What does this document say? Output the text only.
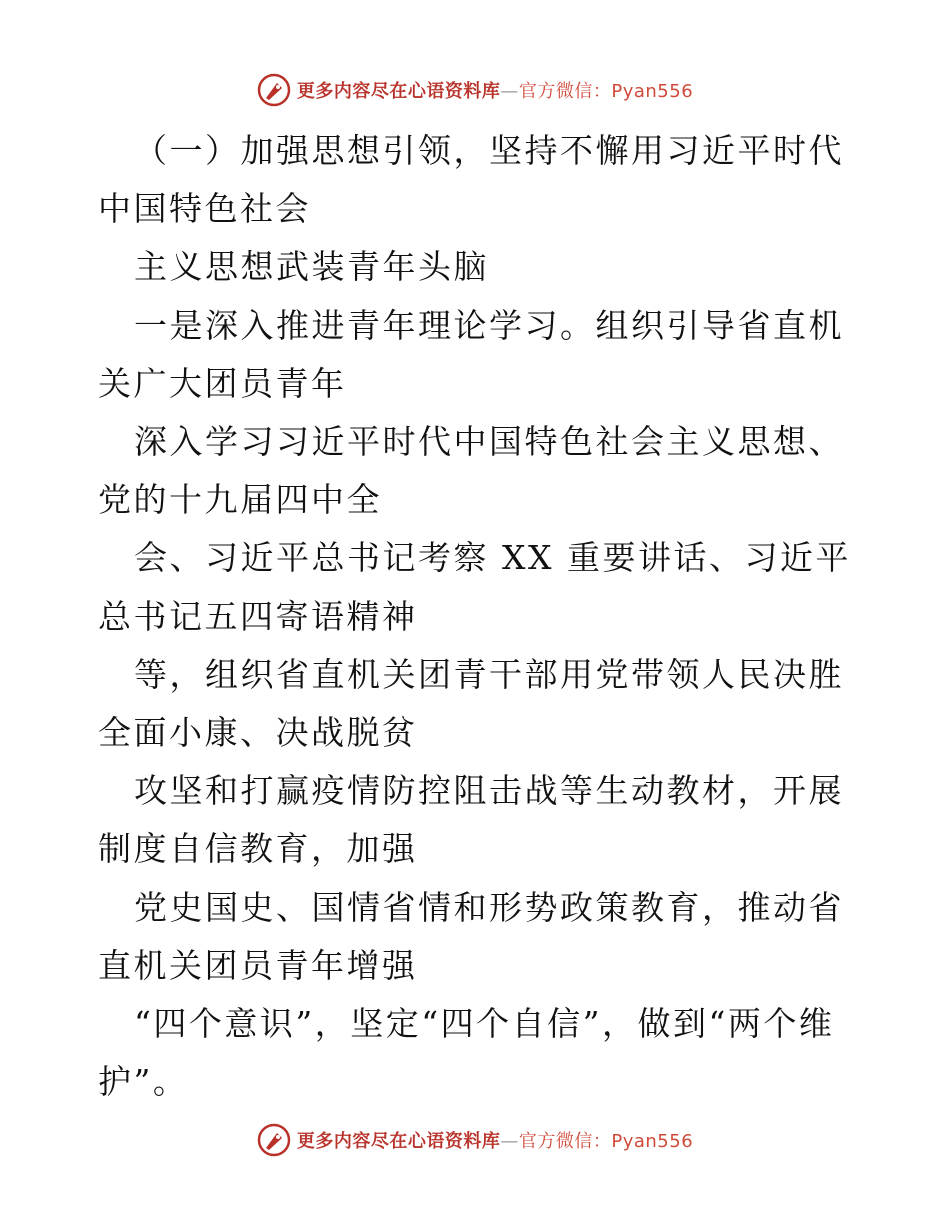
更多内容尽在心语资料库—官方微信：Pyan556

（一）加强思想引领，坚持不懈用习近平时代中国特色社会

主义思想武装青年头脑

一是深入推进青年理论学习。组织引导省直机关广大团员青年

深入学习习近平时代中国特色社会主义思想、党的十九届四中全

会、习近平总书记考察 XX 重要讲话、习近平总书记五四寄语精神

等，组织省直机关团青干部用党带领人民决胜全面小康、决战脱贫

攻坚和打赢疫情防控阻击战等生动教材，开展制度自信教育，加强

党史国史、国情省情和形势政策教育，推动省直机关团员青年增强

“四个意识”，坚定“四个自信”，做到“两个维护”。

更多内容尽在心语资料库—官方微信：Pyan556
